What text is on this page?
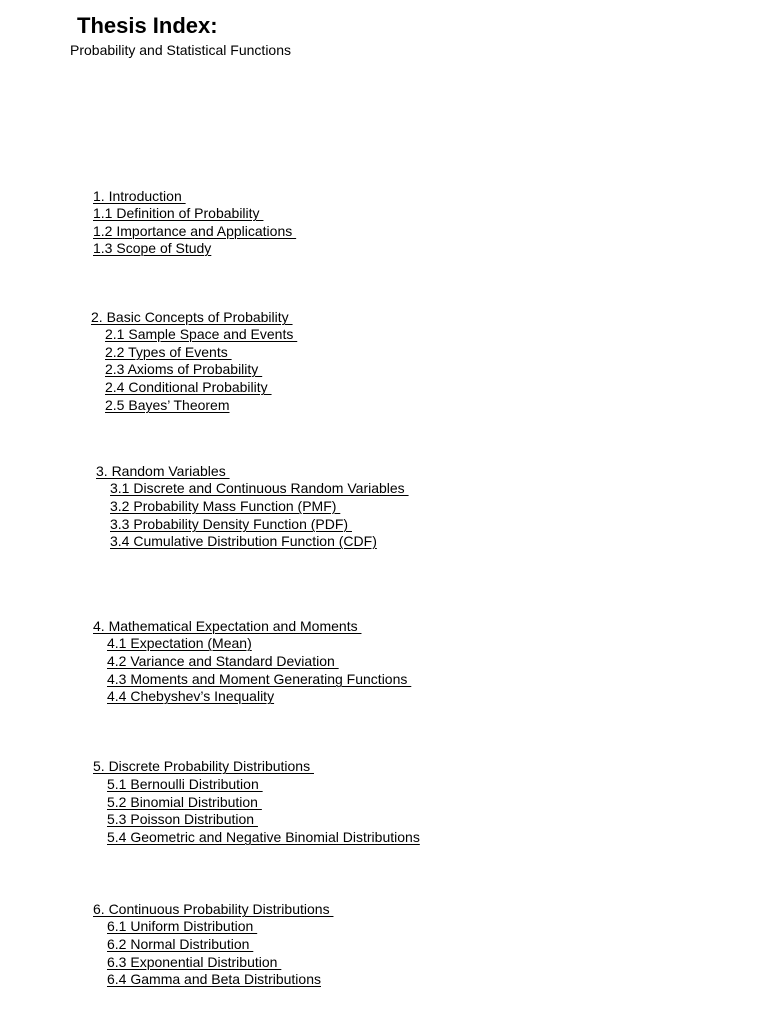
Thesis Index:
Probability and Statistical Functions
1. Introduction
1.1 Definition of Probability
1.2 Importance and Applications
1.3 Scope of Study
2. Basic Concepts of Probability
2.1 Sample Space and Events
2.2 Types of Events
2.3 Axioms of Probability
2.4 Conditional Probability
2.5 Bayes’ Theorem
3. Random Variables
3.1 Discrete and Continuous Random Variables
3.2 Probability Mass Function (PMF)
3.3 Probability Density Function (PDF)
3.4 Cumulative Distribution Function (CDF)
4. Mathematical Expectation and Moments
4.1 Expectation (Mean)
4.2 Variance and Standard Deviation
4.3 Moments and Moment Generating Functions
4.4 Chebyshev’s Inequality
5. Discrete Probability Distributions
5.1 Bernoulli Distribution
5.2 Binomial Distribution
5.3 Poisson Distribution
5.4 Geometric and Negative Binomial Distributions
6. Continuous Probability Distributions
6.1 Uniform Distribution
6.2 Normal Distribution
6.3 Exponential Distribution
6.4 Gamma and Beta Distributions
